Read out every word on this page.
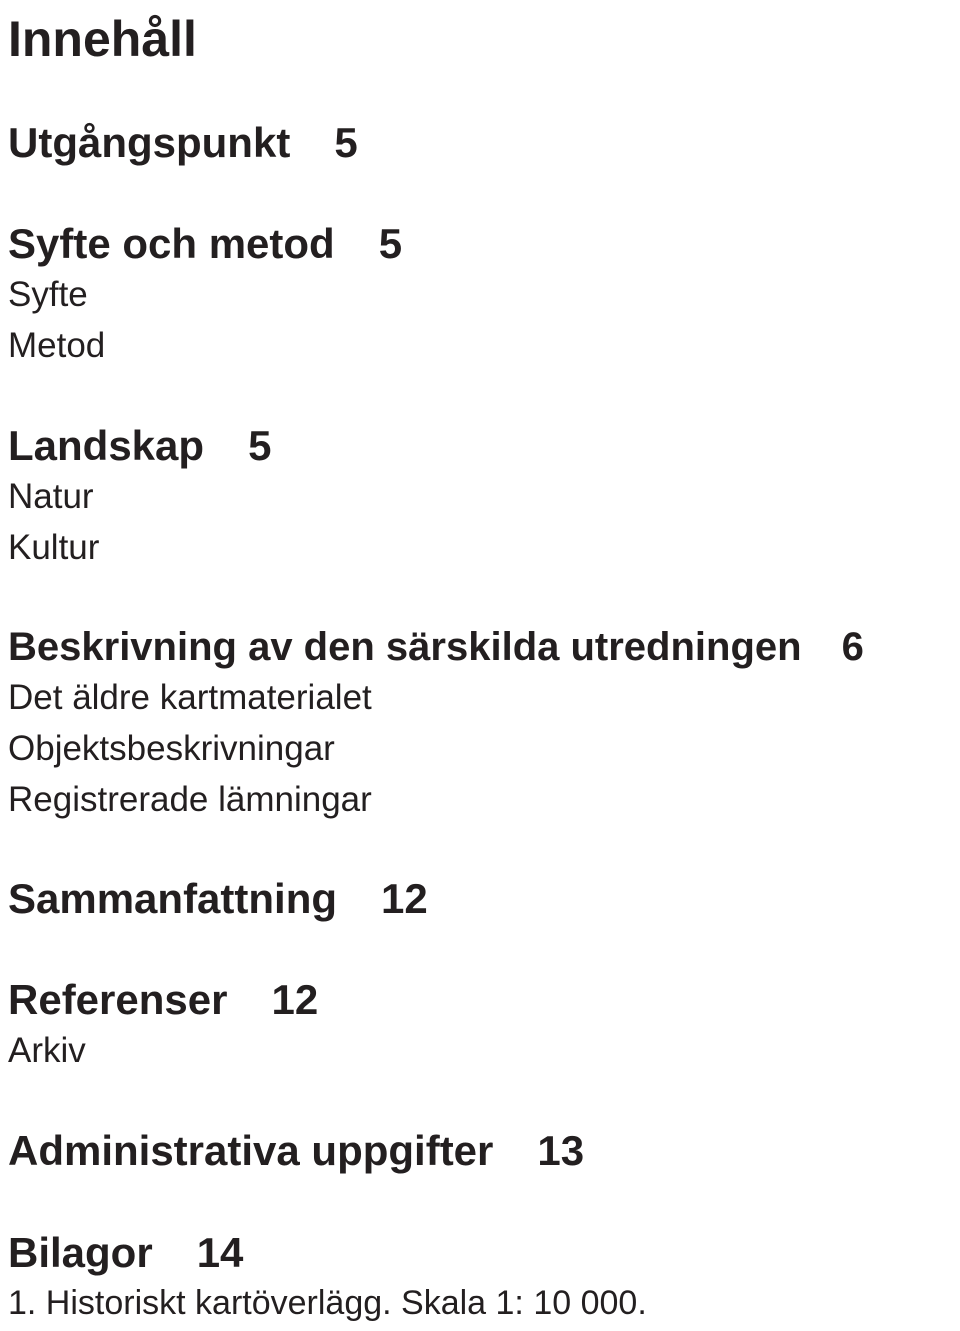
Innehåll
Utgångspunkt 5
Syfte och metod 5
Syfte
Metod
Landskap 5
Natur
Kultur
Beskrivning av den särskilda utredningen 6
Det äldre kartmaterialet
Objektsbeskrivningar
Registrerade lämningar
Sammanfattning 12
Referenser 12
Arkiv
Administrativa uppgifter 13
Bilagor 14
1. Historiskt kartöverlägg. Skala 1: 10 000.
